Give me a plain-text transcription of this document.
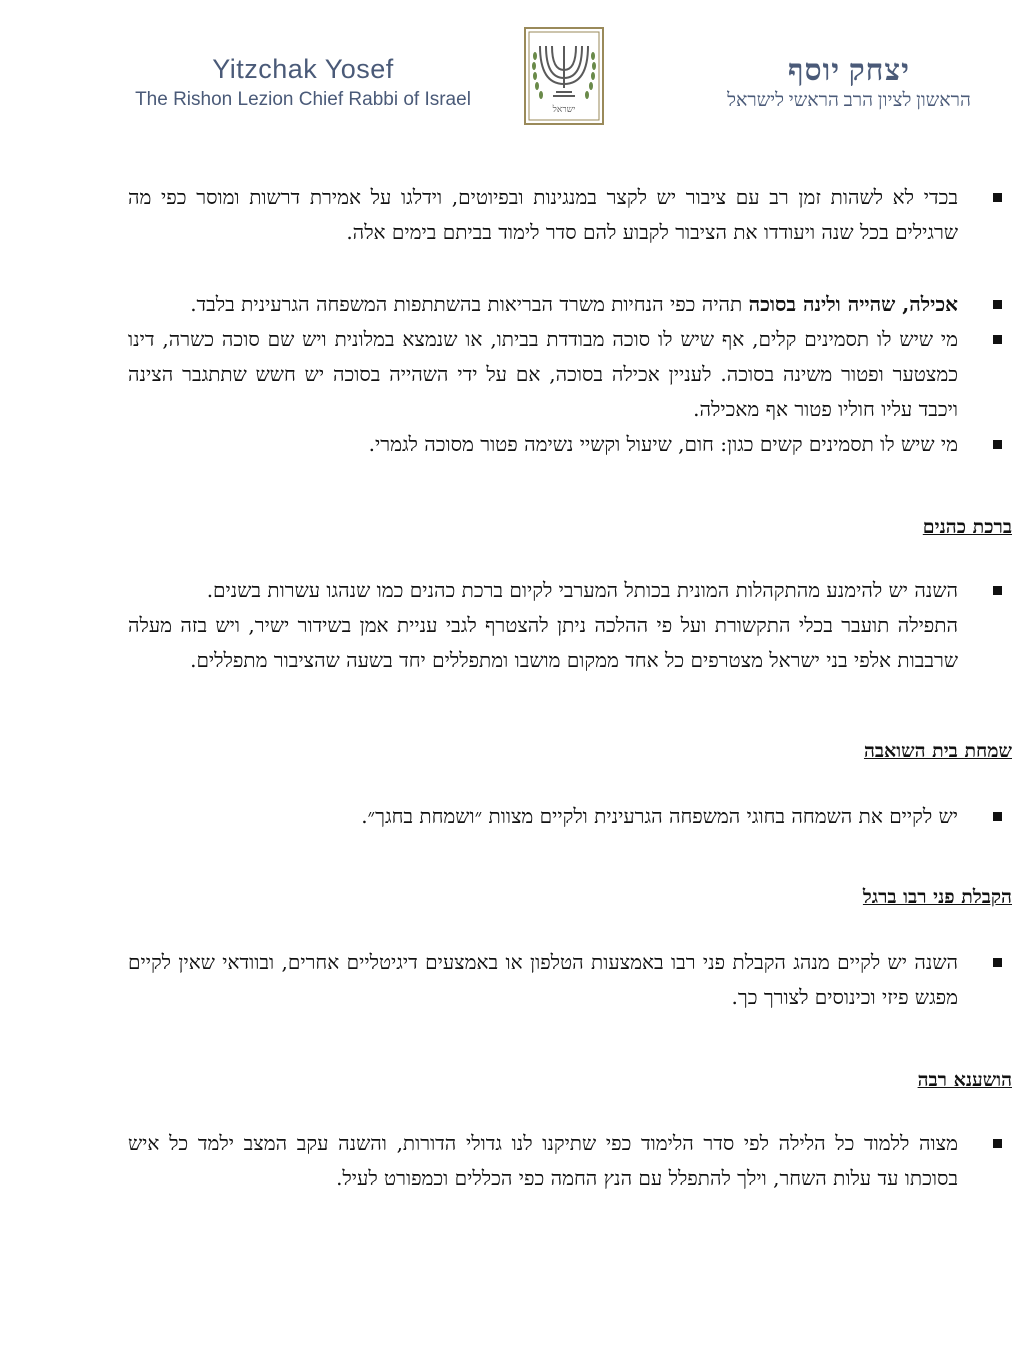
Yitzchak Yosef
The Rishon Lezion Chief Rabbi of Israel	ישראל
יצחק יוסף
הראשון לציון הרב הראשי לישראל
בכדי לא לשהות זמן רב עם ציבור יש לקצר במנגינות ובפיוטים, וידלגו על אמירת דרשות ומוסר כפי מה שרגילים בכל שנה ויעודדו את הציבור לקבוע להם סדר לימוד בביתם בימים אלה.
אכילה, שהייה ולינה בסוכה תהיה כפי הנחיות משרד הבריאות בהשתתפות המשפחה הגרעינית בלבד.
מי שיש לו תסמינים קלים, אף שיש לו סוכה מבודדת בביתו, או שנמצא במלונית ויש שם סוכה כשרה, דינו כמצטער ופטור משינה בסוכה. לעניין אכילה בסוכה, אם על ידי השהייה בסוכה יש חשש שתתגבר הצינה ויכבד עליו חוליו פטור אף מאכילה.
מי שיש לו תסמינים קשים כגון: חום, שיעול וקשיי נשימה פטור מסוכה לגמרי.
ברכת כהנים
השנה יש להימנע מהתקהלות המונית בכותל המערבי לקיום ברכת כהנים כמו שנהגו עשרות בשנים.
התפילה תועבר בכלי התקשורת ועל פי ההלכה ניתן להצטרף לגבי עניית אמן בשידור ישיר, ויש בזה מעלה שרבבות אלפי בני ישראל מצטרפים כל אחד ממקום מושבו ומתפללים יחד בשעה שהציבור מתפללים.
שמחת בית השואבה
יש לקיים את השמחה בחוגי המשפחה הגרעינית ולקיים מצוות ״ושמחת בחגך״.
הקבלת פני רבו ברגל
השנה יש לקיים מנהג הקבלת פני רבו באמצעות הטלפון או באמצעים דיגיטליים אחרים, ובוודאי שאין לקיים מפגש פיזי וכינוסים לצורך כך.
הושענא רבה
מצוה ללמוד כל הלילה לפי סדר הלימוד כפי שתיקנו לנו גדולי הדורות, והשנה עקב המצב ילמד כל איש בסוכתו עד עלות השחר, וילך להתפלל עם הנץ החמה כפי הכללים וכמפורט לעיל.
